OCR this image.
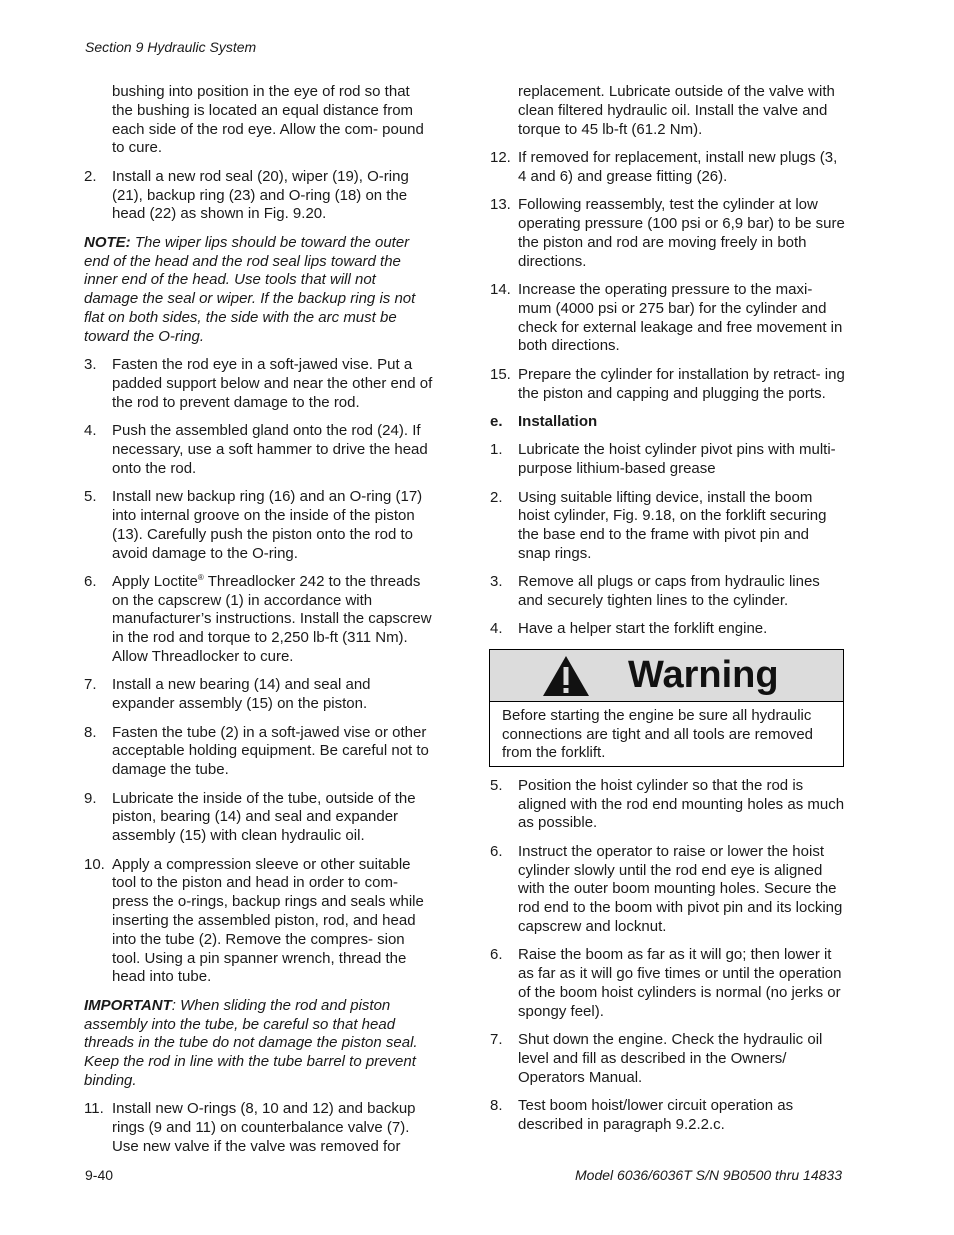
Section 9 Hydraulic System

bushing into position in the eye of rod so that the bushing is located an equal distance from each side of the rod eye. Allow the com- pound to cure.

2.	Install a new rod seal (20), wiper (19), O-ring (21), backup ring (23) and O-ring (18) on the head (22) as shown in Fig. 9.20.

NOTE: The wiper lips should be toward the outer end of the head and the rod seal lips toward the inner end of the head. Use tools that will not damage the seal or wiper. If the backup ring is not flat on both sides, the side with the arc must be toward the O-ring.

3.	Fasten the rod eye in a soft-jawed vise. Put a padded support below and near the other end of the rod to prevent damage to the rod.
4.	Push the assembled gland onto the rod (24). If necessary, use a soft hammer to drive the head onto the rod.
5.	Install new backup ring (16) and an O-ring (17) into internal groove on the inside of the piston (13). Carefully push the piston onto the rod to avoid damage to the O-ring.
6.	Apply Loctite® Threadlocker 242 to the threads on the capscrew (1) in accordance with manufacturer’s instructions. Install the capscrew in the rod and torque to 2,250 lb-ft (311 Nm). Allow Threadlocker to cure.
7.	Install a new bearing (14) and seal and expander assembly (15) on the piston.
8.	Fasten the tube (2) in a soft-jawed vise or other acceptable holding equipment. Be careful not to damage the tube.
9.	Lubricate the inside of the tube, outside of the piston, bearing (14) and seal and expander assembly (15) with clean hydraulic oil.
10. Apply a compression sleeve or other suitable tool to the piston and head in order to com- press the o-rings, backup rings and seals while inserting the assembled piston, rod, and head into the tube (2). Remove the compres- sion tool. Using a pin spanner wrench, thread the head into tube.

IMPORTANT: When sliding the rod and piston assembly into the tube, be careful so that head threads in the tube do not damage the piston seal. Keep the rod in line with the tube barrel to prevent binding.

11. Install new O-rings (8, 10 and 12) and backup rings (9 and 11) on counterbalance valve (7). Use new valve if the valve was removed for

replacement. Lubricate outside of the valve with clean filtered hydraulic oil. Install the valve and torque to 45 lb-ft (61.2 Nm).

12. If removed for replacement, install new plugs (3, 4 and 6) and grease fitting (26).
13. Following reassembly, test the cylinder at low operating pressure (100 psi or 6,9 bar) to be sure the piston and rod are moving freely in both directions.
14. Increase the operating pressure to the maxi- mum (4000 psi or 275 bar) for the cylinder and check for external leakage and free movement in both directions.
15. Prepare the cylinder for installation by retract- ing the piston and capping and plugging the ports.
e.	Installation
1.	Lubricate the hoist cylinder pivot pins with multi-purpose lithium-based grease
2.	Using suitable lifting device, install the boom hoist cylinder, Fig. 9.18, on the forklift securing the base end to the frame with pivot pin and snap rings.
3.	Remove all plugs or caps from hydraulic lines and securely tighten lines to the cylinder.
4.	Have a helper start the forklift engine.
Warning
Before starting the engine be sure all hydraulic connections are tight and all tools are removed from the forklift.
5.	Position the hoist cylinder so that the rod is aligned with the rod end mounting holes as much as possible.
6.	Instruct the operator to raise or lower the hoist cylinder slowly until the rod end eye is aligned with the outer boom mounting holes. Secure the rod end to the boom with pivot pin and its locking capscrew and locknut.
6.	Raise the boom as far as it will go; then lower it as far as it will go five times or until the operation of the boom hoist cylinders is normal (no jerks or spongy feel).
7.	Shut down the engine. Check the hydraulic oil level and fill as described in the Owners/ Operators Manual.
8.	Test boom hoist/lower circuit operation as described in paragraph 9.2.2.c.
9-40	Model 6036/6036T S/N 9B0500 thru 14833
